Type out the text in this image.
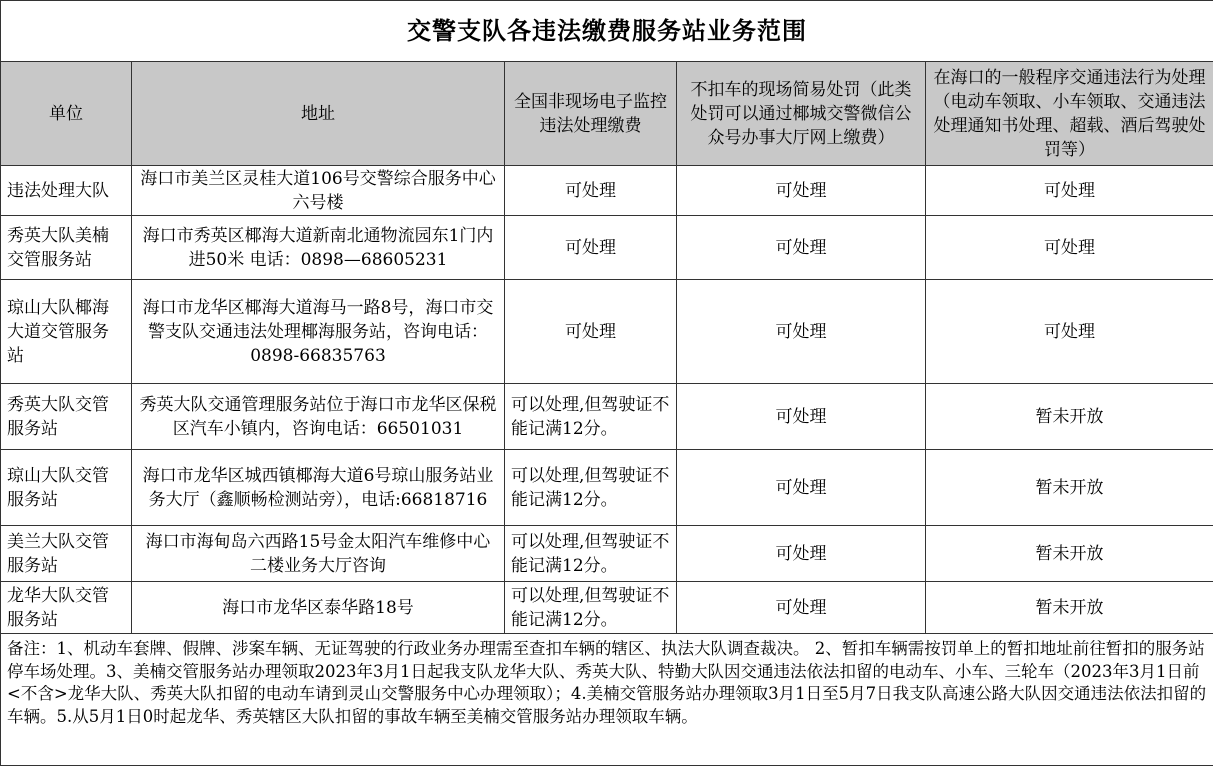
交警支队各违法缴费服务站业务范围				
单位	地址	全国非现场电子监控违法处理缴费	不扣车的现场简易处罚（此类处罚可以通过椰城交警微信公众号办事大厅网上缴费）	在海口的一般程序交通违法行为处理（电动车领取、小车领取、交通违法处理通知书处理、超载、酒后驾驶处罚等）
违法处理大队	海口市美兰区灵桂大道106号交警综合服务中心六号楼	可处理	可处理	可处理
秀英大队美楠交管服务站	海口市秀英区椰海大道新南北通物流园东1门内进50米 电话：0898—68605231	可处理	可处理	可处理
琼山大队椰海大道交管服务站	海口市龙华区椰海大道海马一路8号，海口市交警支队交通违法处理椰海服务站，咨询电话：0898-66835763	可处理	可处理	可处理
秀英大队交管服务站	秀英大队交通管理服务站位于海口市龙华区保税区汽车小镇内，咨询电话：66501031	可以处理,但驾驶证不能记满12分。	可处理	暂未开放
琼山大队交管服务站	海口市龙华区城西镇椰海大道6号琼山服务站业务大厅（鑫顺畅检测站旁），电话:66818716	可以处理,但驾驶证不能记满12分。	可处理	暂未开放
美兰大队交管服务站	海口市海甸岛六西路15号金太阳汽车维修中心二楼业务大厅咨询	可以处理,但驾驶证不能记满12分。	可处理	暂未开放
龙华大队交管服务站	海口市龙华区泰华路18号	可以处理,但驾驶证不能记满12分。	可处理	暂未开放
备注：1、机动车套牌、假牌、涉案车辆、无证驾驶的行政业务办理需至查扣车辆的辖区、执法大队调查裁决。 2、暂扣车辆需按罚单上的暂扣地址前往暂扣的服务站停车场处理。3、美楠交管服务站办理领取2023年3月1日起我支队龙华大队、秀英大队、特勤大队因交通违法依法扣留的电动车、小车、三轮车（2023年3月1日前<不含>龙华大队、秀英大队扣留的电动车请到灵山交警服务中心办理领取）；4.美楠交管服务站办理领取3月1日至5月7日我支队高速公路大队因交通违法依法扣留的车辆。5.从5月1日0时起龙华、秀英辖区大队扣留的事故车辆至美楠交管服务站办理领取车辆。				
